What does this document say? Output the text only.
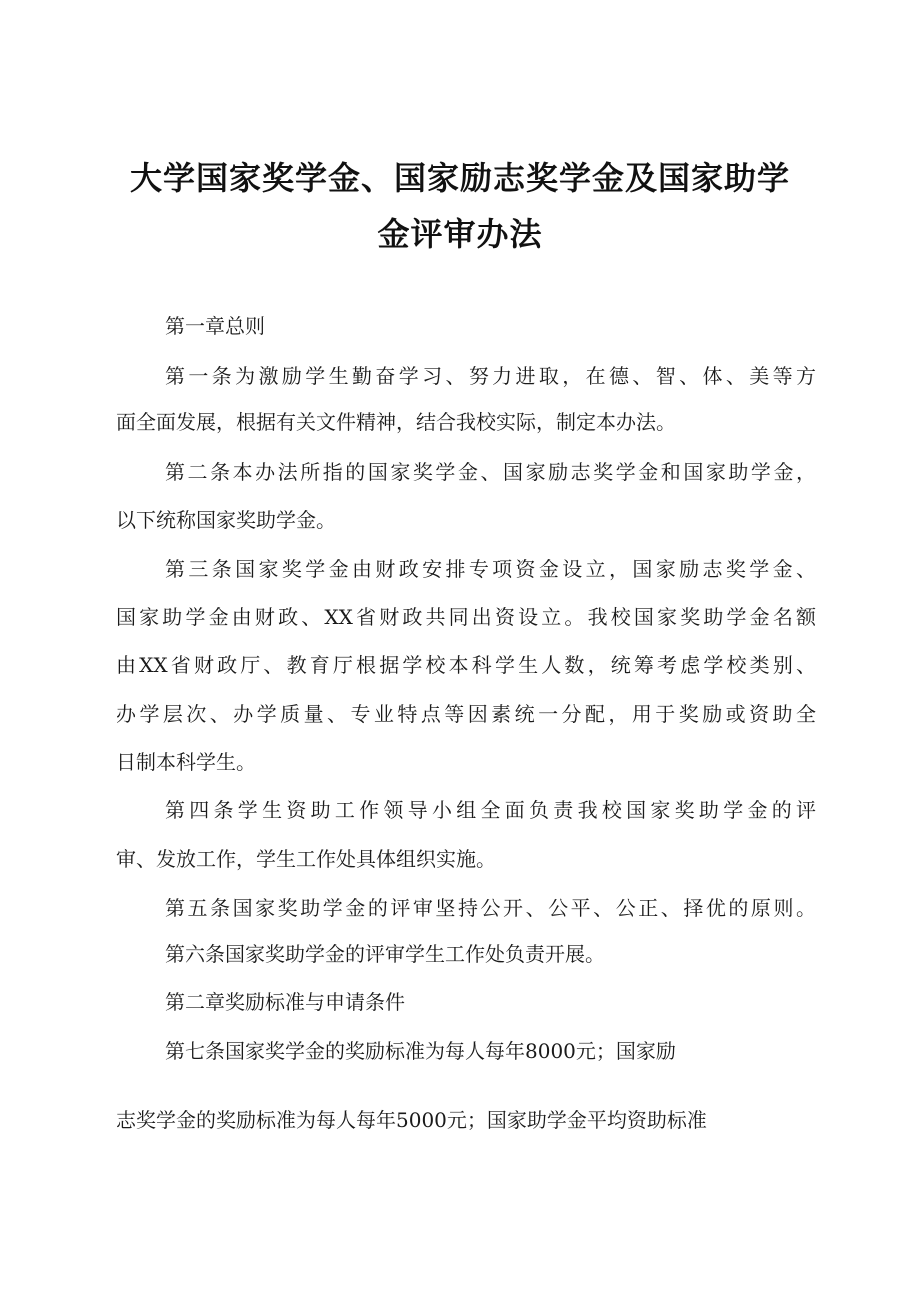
大学国家奖学金、国家励志奖学金及国家助学
金评审办法
第一章总则
第一条为激励学生勤奋学习、努力进取，在德、智、体、美等方
面全面发展，根据有关文件精神，结合我校实际，制定本办法。
第二条本办法所指的国家奖学金、国家励志奖学金和国家助学金，
以下统称国家奖助学金。
第三条国家奖学金由财政安排专项资金设立，国家励志奖学金、
国家助学金由财政、XX省财政共同出资设立。我校国家奖助学金名额
由XX省财政厅、教育厅根据学校本科学生人数，统筹考虑学校类别、
办学层次、办学质量、专业特点等因素统一分配，用于奖励或资助全
日制本科学生。
第四条学生资助工作领导小组全面负责我校国家奖助学金的评
审、发放工作，学生工作处具体组织实施。
第五条国家奖助学金的评审坚持公开、公平、公正、择优的原则。
第六条国家奖助学金的评审学生工作处负责开展。
第二章奖励标准与申请条件
第七条国家奖学金的奖励标准为每人每年8000元；国家励
志奖学金的奖励标准为每人每年5000元；国家助学金平均资助标准
